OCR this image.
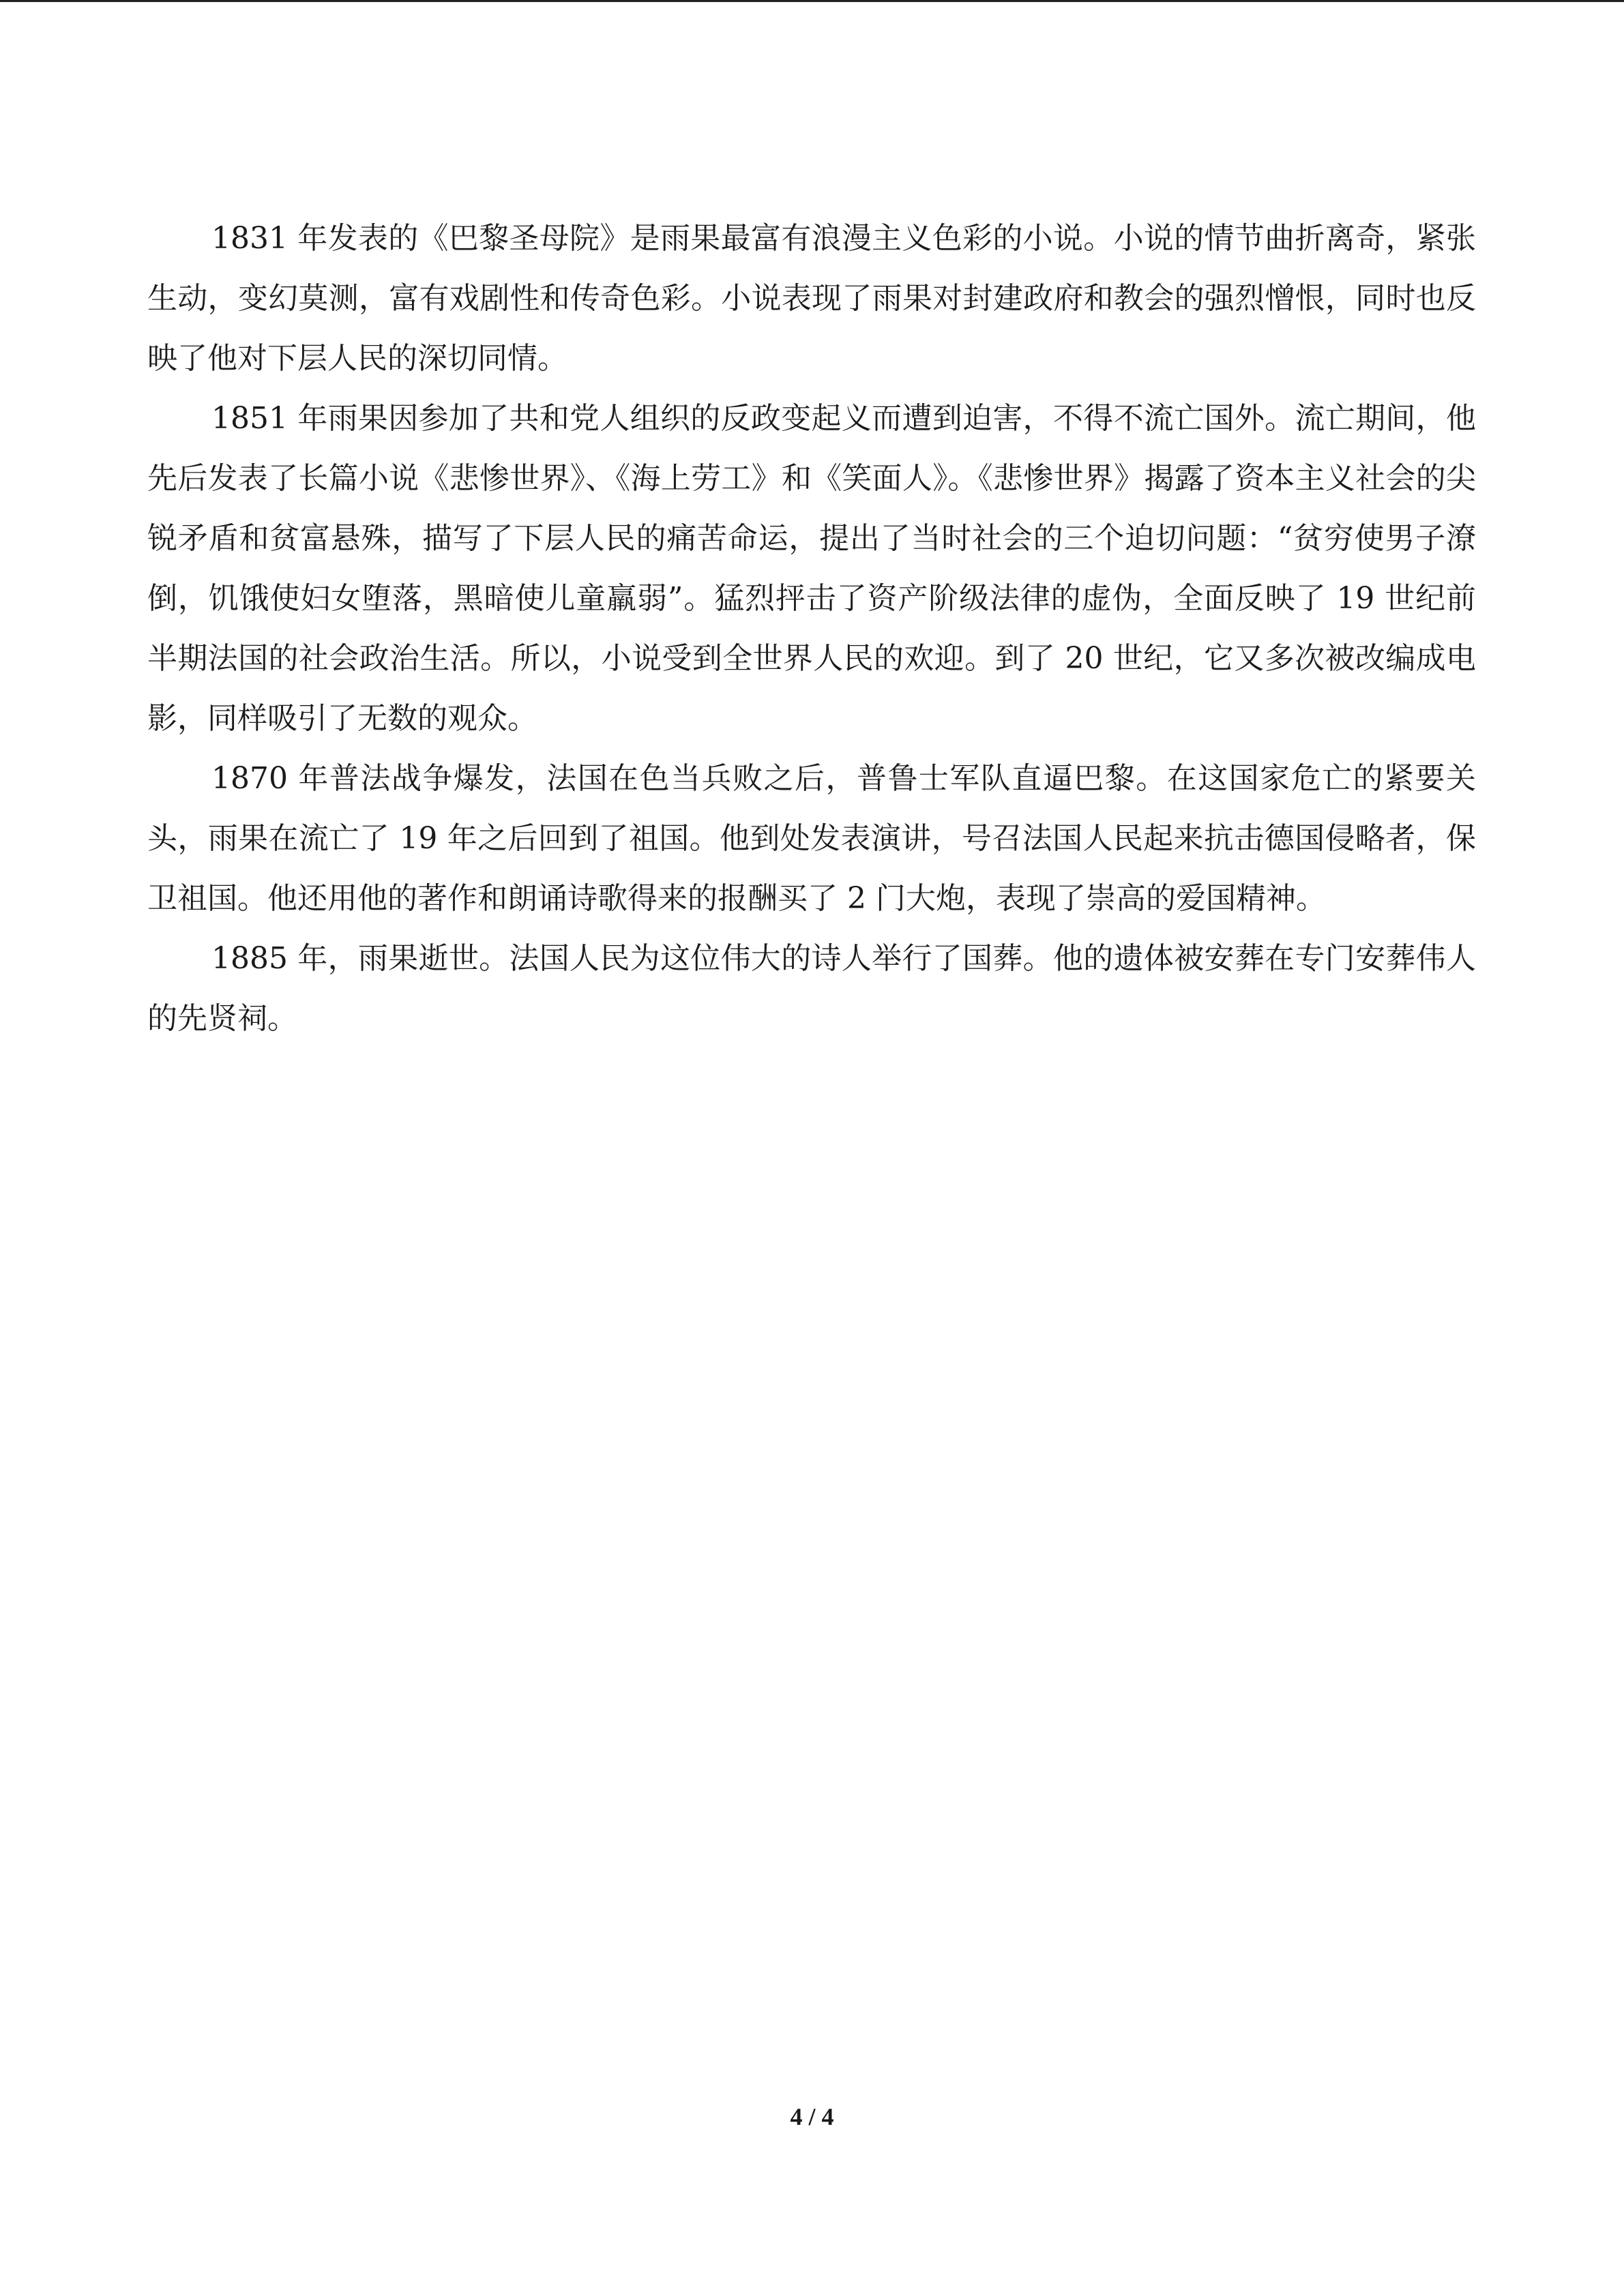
1831 年发表的《巴黎圣母院》是雨果最富有浪漫主义色彩的小说。小说的情节曲折离奇，紧张生动，变幻莫测，富有戏剧性和传奇色彩。小说表现了雨果对封建政府和教会的强烈憎恨，同时也反映了他对下层人民的深切同情。

1851 年雨果因参加了共和党人组织的反政变起义而遭到迫害，不得不流亡国外。流亡期间，他先后发表了长篇小说《悲惨世界》、《海上劳工》和《笑面人》。《悲惨世界》揭露了资本主义社会的尖锐矛盾和贫富悬殊，描写了下层人民的痛苦命运，提出了当时社会的三个迫切问题：“贫穷使男子潦倒，饥饿使妇女堕落，黑暗使儿童羸弱”。猛烈抨击了资产阶级法律的虚伪，全面反映了 19 世纪前半期法国的社会政治生活。所以，小说受到全世界人民的欢迎。到了 20 世纪，它又多次被改编成电影，同样吸引了无数的观众。

1870 年普法战争爆发，法国在色当兵败之后，普鲁士军队直逼巴黎。在这国家危亡的紧要关头，雨果在流亡了 19 年之后回到了祖国。他到处发表演讲，号召法国人民起来抗击德国侵略者，保卫祖国。他还用他的著作和朗诵诗歌得来的报酬买了 2 门大炮，表现了崇高的爱国精神。

1885 年，雨果逝世。法国人民为这位伟大的诗人举行了国葬。他的遗体被安葬在专门安葬伟人的先贤祠。

4 / 4
